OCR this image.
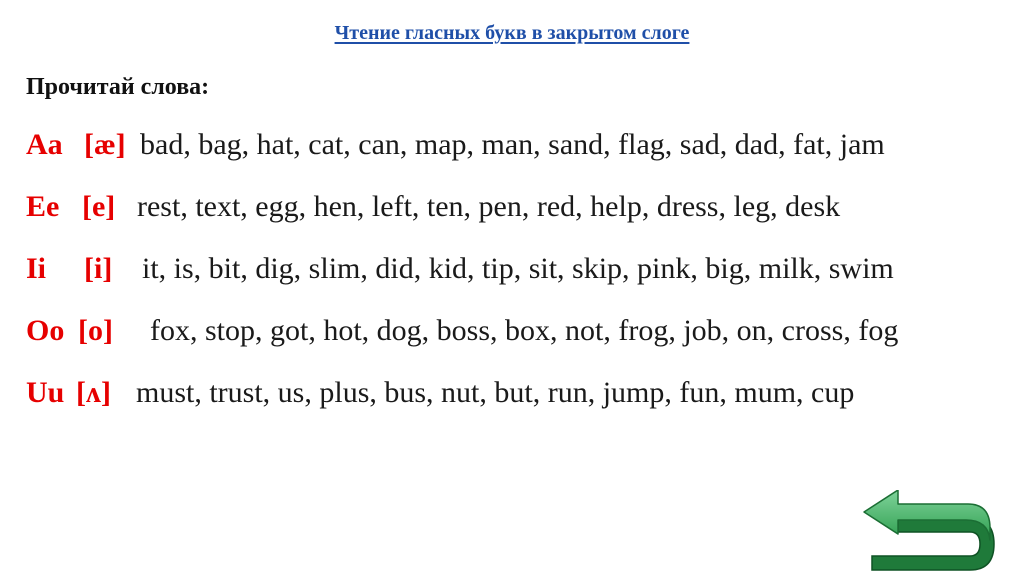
Чтение гласных букв в закрытом слоге
Прочитай слова:
Aa [æ] bad, bag, hat, cat, can, map, man, sand, flag, sad, dad, fat, jam
Ee [e] rest, text, egg, hen, left, ten, pen, red, help, dress, leg, desk
Ii [i] it, is, bit, dig, slim, did, kid, tip, sit, skip, pink, big, milk, swim
Oo [o] fox, stop, got, hot, dog, boss, box, not, frog, job, on, cross, fog
Uu [ʌ] must, trust, us, plus, bus, nut, but, run, jump, fun, mum, cup
